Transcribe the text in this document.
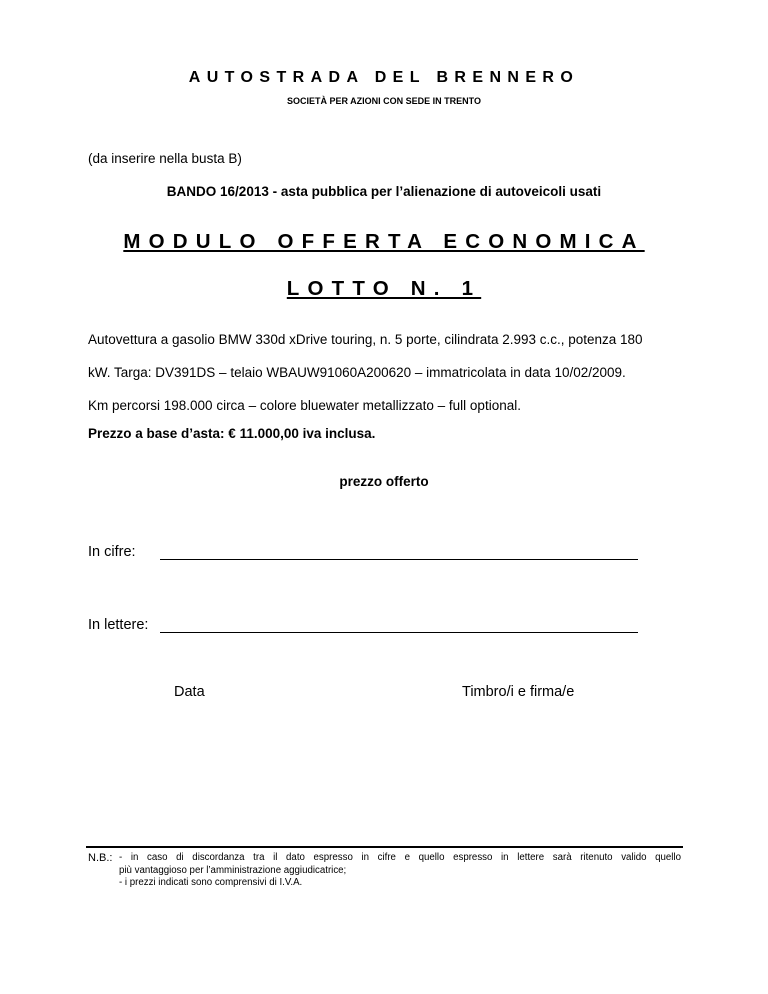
AUTOSTRADA DEL BRENNERO
SOCIETÀ PER AZIONI CON SEDE IN TRENTO
(da inserire nella busta B)
BANDO 16/2013 - asta pubblica per l’alienazione di autoveicoli usati
MODULO OFFERTA ECONOMICA
LOTTO N. 1
Autovettura a gasolio BMW 330d xDrive touring, n. 5 porte, cilindrata 2.993 c.c., potenza 180
kW. Targa: DV391DS – telaio WBAUW91060A200620 – immatricolata in data 10/02/2009.
Km percorsi 198.000 circa – colore bluewater metallizzato – full optional.
Prezzo a base d’asta: € 11.000,00 iva inclusa.
prezzo offerto
In cifre:
In lettere:
Data	Timbro/i e firma/e
N.B.: - in caso di discordanza tra il dato espresso in cifre e quello espresso in lettere sarà ritenuto valido quello
più vantaggioso per l’amministrazione aggiudicatrice;
- i prezzi indicati sono comprensivi di I.V.A.
